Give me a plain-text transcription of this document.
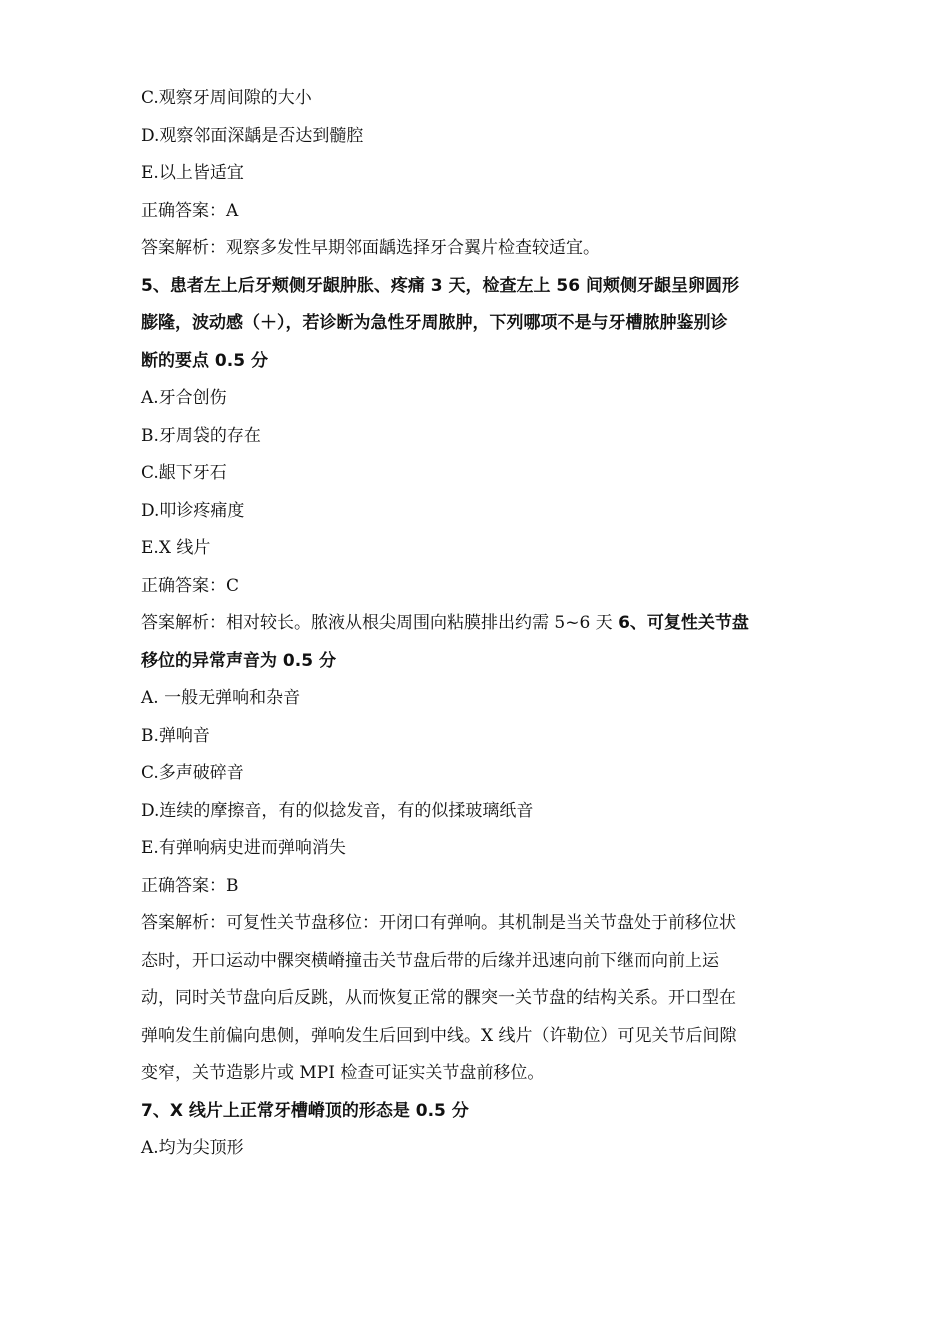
C.观察牙周间隙的大小
D.观察邻面深龋是否达到髓腔
E.以上皆适宜
正确答案：A
答案解析：观察多发性早期邻面龋选择牙合翼片检查较适宜。
5、患者左上后牙颊侧牙龈肿胀、疼痛 3 天，检查左上 56 间颊侧牙龈呈卵圆形
膨隆，波动感（＋），若诊断为急性牙周脓肿，下列哪项不是与牙槽脓肿鉴别诊
断的要点 0.5 分
A.牙合创伤
B.牙周袋的存在
C.龈下牙石
D.叩诊疼痛度
E.X 线片
正确答案：C
答案解析：相对较长。脓液从根尖周围向粘膜排出约需 5~6 天 6、可复性关节盘
移位的异常声音为 0.5 分
A. 一般无弹响和杂音
B.弹响音
C.多声破碎音
D.连续的摩擦音，有的似捻发音，有的似揉玻璃纸音
E.有弹响病史进而弹响消失
正确答案：B
答案解析：可复性关节盘移位：开闭口有弹响。其机制是当关节盘处于前移位状
态时，开口运动中髁突横嵴撞击关节盘后带的后缘并迅速向前下继而向前上运
动，同时关节盘向后反跳，从而恢复正常的髁突一关节盘的结构关系。开口型在
弹响发生前偏向患侧，弹响发生后回到中线。X 线片（许勒位）可见关节后间隙
变窄，关节造影片或 MPI 检查可证实关节盘前移位。
7、X 线片上正常牙槽嵴顶的形态是 0.5 分
A.均为尖顶形
